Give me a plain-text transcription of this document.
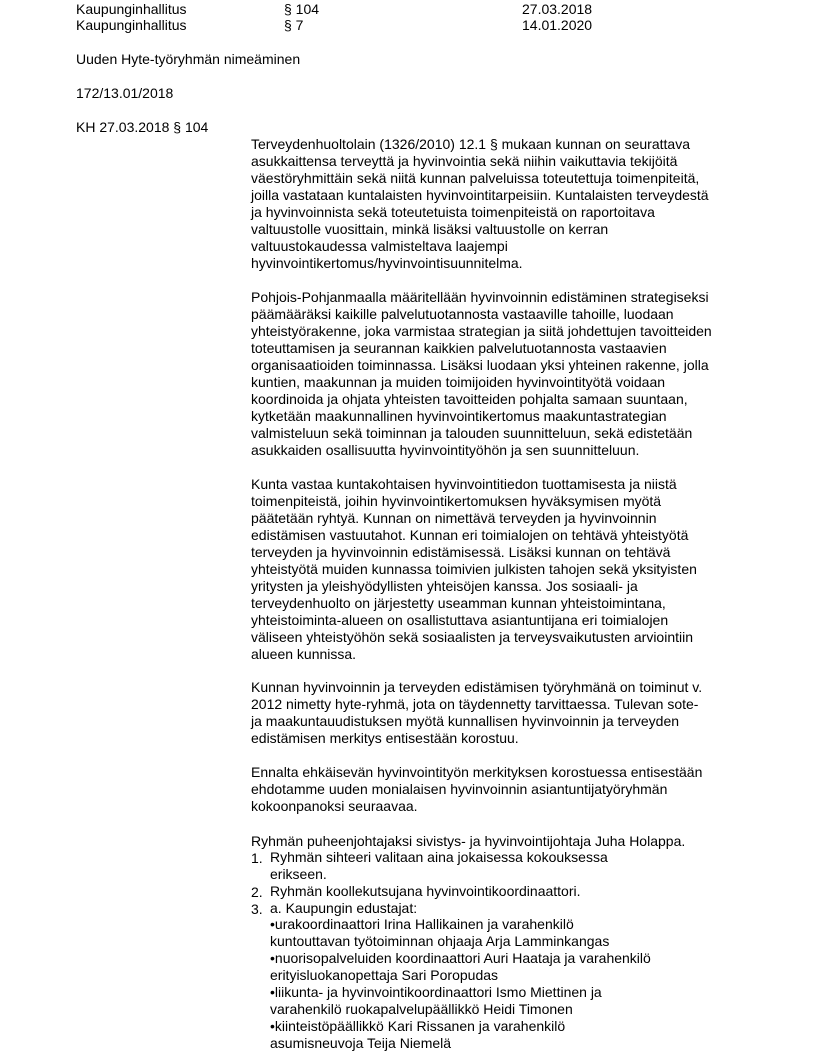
Kaupunginhallitus	§ 104	27.03.2018
Kaupunginhallitus	§ 7	14.01.2020
Uuden Hyte-työryhmän nimeäminen
172/13.01/2018
KH 27.03.2018 § 104
Terveydenhuoltolain (1326/2010) 12.1 § mukaan kunnan on seurattava
asukkaittensa terveyttä ja hyvinvointia sekä niihin vaikuttavia tekijöitä
väestöryhmittäin sekä niitä kunnan palveluissa toteutettuja toimenpiteitä,
joilla vastataan kuntalaisten hyvinvointitarpeisiin. Kuntalaisten terveydestä
ja hyvinvoinnista sekä toteutetuista toimenpiteistä on raportoitava
valtuustolle vuosittain, minkä lisäksi valtuustolle on kerran
valtuustokaudessa valmisteltava laajempi
hyvinvointikertomus/hyvinvointisuunnitelma.
Pohjois-Pohjanmaalla määritellään hyvinvoinnin edistäminen strategiseksi
päämääräksi kaikille palvelutuotannosta vastaaville tahoille, luodaan
yhteistyörakenne, joka varmistaa strategian ja siitä johdettujen tavoitteiden
toteuttamisen ja seurannan kaikkien palvelutuotannosta vastaavien
organisaatioiden toiminnassa. Lisäksi luodaan yksi yhteinen rakenne, jolla
kuntien, maakunnan ja muiden toimijoiden hyvinvointityötä voidaan
koordinoida ja ohjata yhteisten tavoitteiden pohjalta samaan suuntaan,
kytketään maakunnallinen hyvinvointikertomus maakuntastrategian
valmisteluun sekä toiminnan ja talouden suunnitteluun, sekä edistetään
asukkaiden osallisuutta hyvinvointityöhön ja sen suunnitteluun.
Kunta vastaa kuntakohtaisen hyvinvointitiedon tuottamisesta ja niistä
toimenpiteistä, joihin hyvinvointikertomuksen hyväksymisen myötä
päätetään ryhtyä. Kunnan on nimettävä terveyden ja hyvinvoinnin
edistämisen vastuutahot. Kunnan eri toimialojen on tehtävä yhteistyötä
terveyden ja hyvinvoinnin edistämisessä. Lisäksi kunnan on tehtävä
yhteistyötä muiden kunnassa toimivien julkisten tahojen sekä yksityisten
yritysten ja yleishyödyllisten yhteisöjen kanssa. Jos sosiaali- ja
terveydenhuolto on järjestetty useamman kunnan yhteistoimintana,
yhteistoiminta-alueen on osallistuttava asiantuntijana eri toimialojen
väliseen yhteistyöhön sekä sosiaalisten ja terveysvaikutusten arviointiin
alueen kunnissa.
Kunnan hyvinvoinnin ja terveyden edistämisen työryhmänä on toiminut v.
2012 nimetty hyte-ryhmä, jota on täydennetty tarvittaessa. Tulevan sote-
ja maakuntauudistuksen myötä kunnallisen hyvinvoinnin ja terveyden
edistämisen merkitys entisestään korostuu.
Ennalta ehkäisevän hyvinvointityön merkityksen korostuessa entisestään
ehdotamme uuden monialaisen hyvinvoinnin asiantuntijatyöryhmän
kokoonpanoksi seuraavaa.
Ryhmän puheenjohtajaksi sivistys- ja hyvinvointijohtaja Juha Holappa.
1. Ryhmän sihteeri valitaan aina jokaisessa kokouksessa
erikseen.
2. Ryhmän koollekutsujana hyvinvointikoordinaattori.
3. a. Kaupungin edustajat:
•urakoordinaattori Irina Hallikainen ja varahenkilö
kuntouttavan työtoiminnan ohjaaja Arja Lamminkangas
•nuorisopalveluiden koordinaattori Auri Haataja ja varahenkilö
erityisluokanopettaja Sari Poropudas
•liikunta- ja hyvinvointikoordinaattori Ismo Miettinen ja
varahenkilö ruokapalvelupäällikkö Heidi Timonen
•kiinteistöpäällikkö Kari Rissanen ja varahenkilö
asumisneuvoja Teija Niemelä
